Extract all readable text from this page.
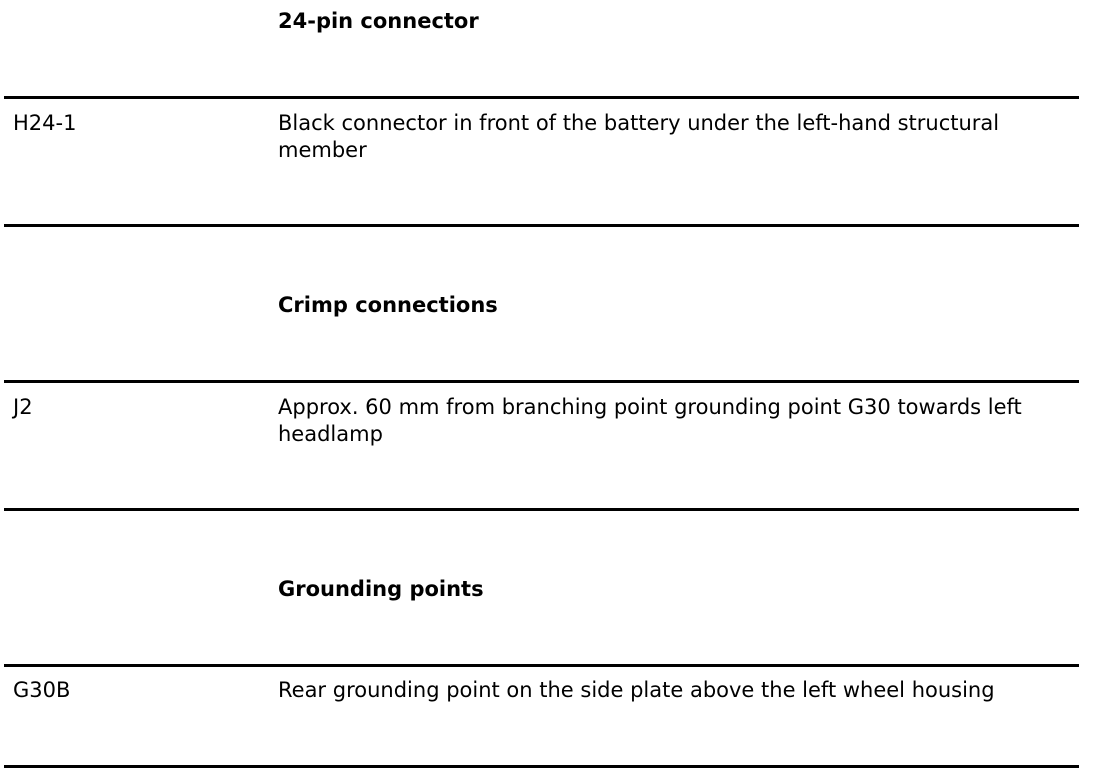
24-pin connector
H24-1	Black connector in front of the battery under the left-hand structural member
Crimp connections
J2	Approx. 60 mm from branching point grounding point G30 towards left headlamp
Grounding points
G30B	Rear grounding point on the side plate above the left wheel housing
